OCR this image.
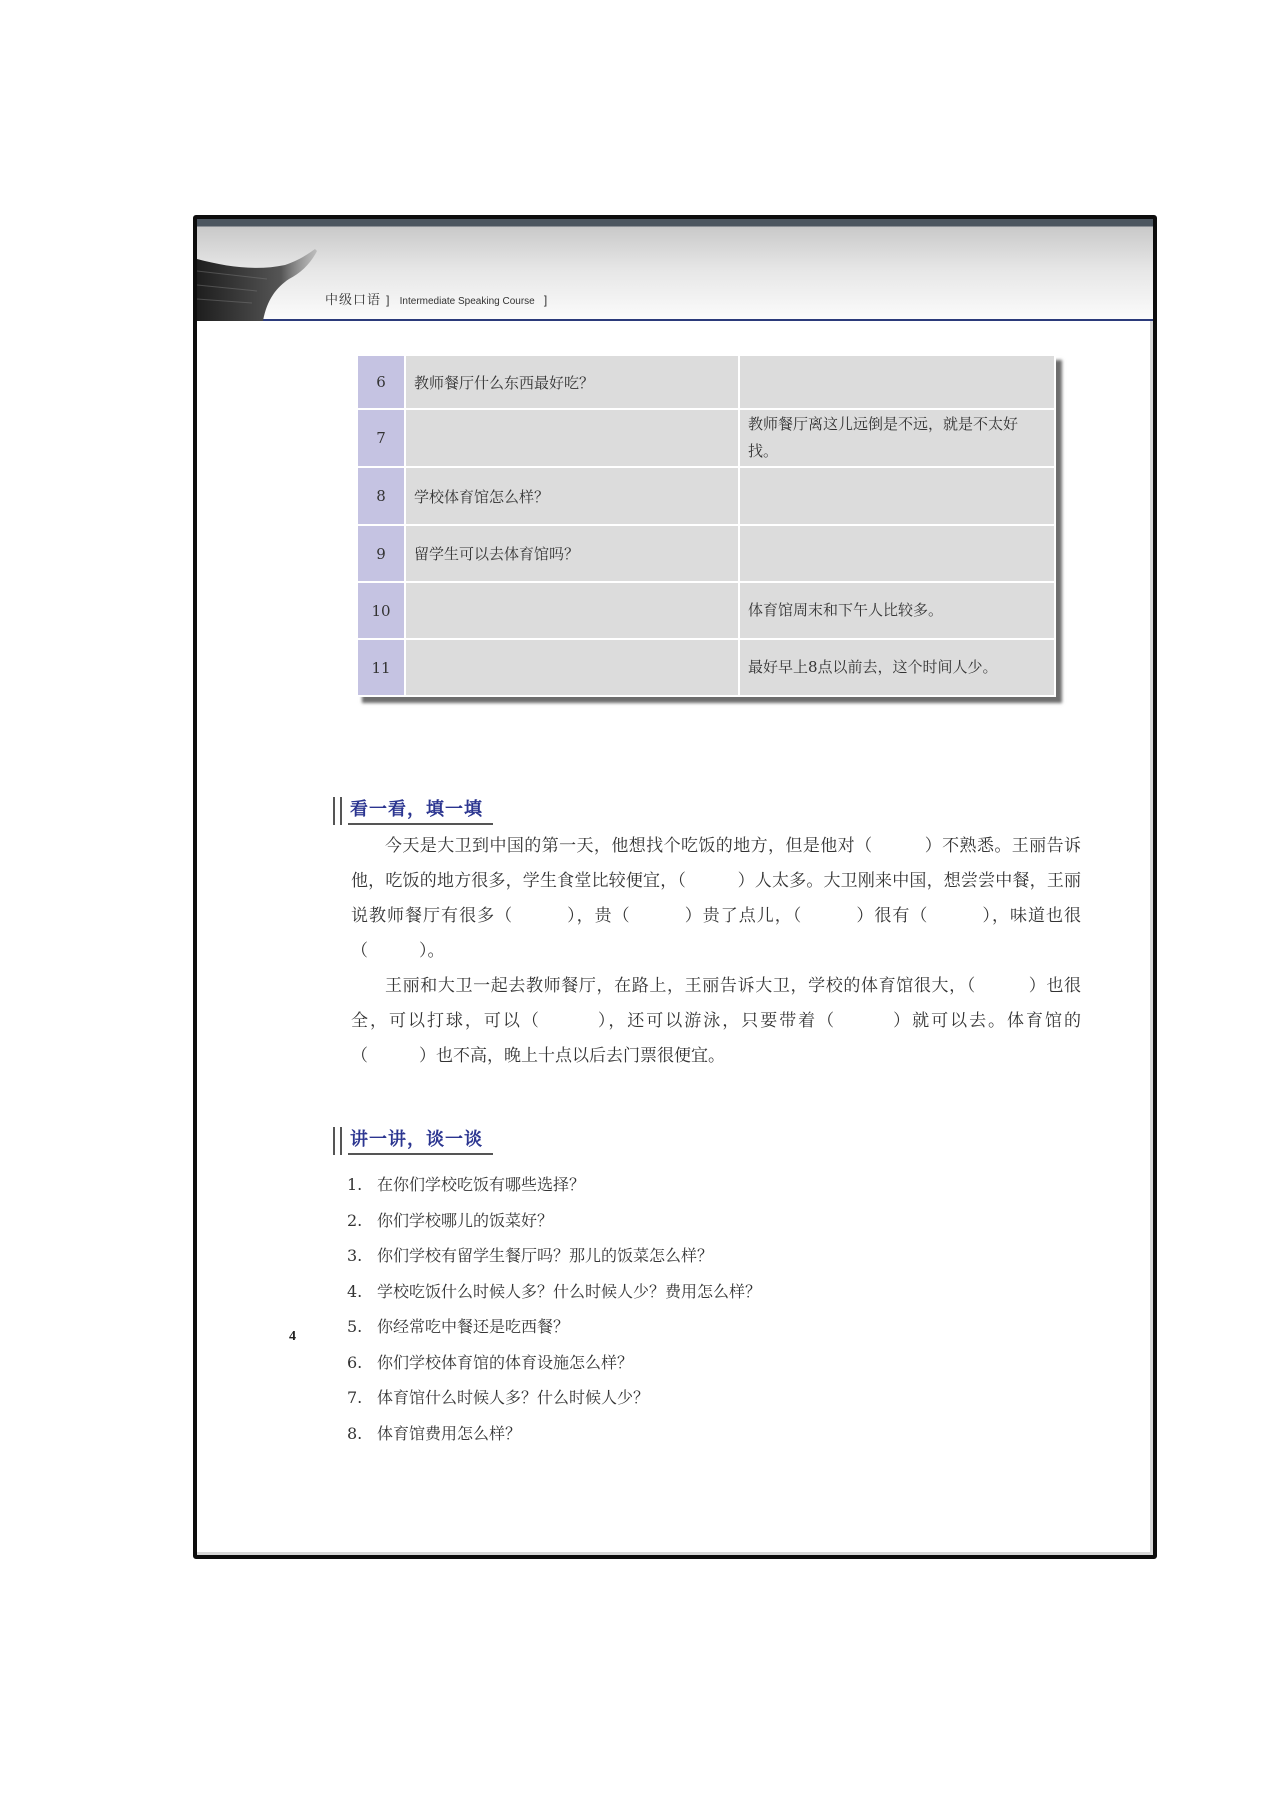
中级口语 ] Intermediate Speaking Course ]
6	教师餐厅什么东西最好吃？	
7		教师餐厅离这儿远倒是不远，就是不太好找。
8	学校体育馆怎么样？	
9	留学生可以去体育馆吗？	
10		体育馆周末和下午人比较多。
11		最好早上8点以前去，这个时间人少。
看一看，填一填

今天是大卫到中国的第一天，他想找个吃饭的地方，但是他对（　　　）不熟悉。王丽告诉他，吃饭的地方很多，学生食堂比较便宜，（　　　）人太多。大卫刚来中国，想尝尝中餐，王丽说教师餐厅有很多（　　　），贵（　　　）贵了点儿，（　　　）很有（　　　），味道也很（　　　）。

王丽和大卫一起去教师餐厅，在路上，王丽告诉大卫，学校的体育馆很大，（　　　）也很全，可以打球，可以（　　　），还可以游泳，只要带着（　　　）就可以去。体育馆的（　　　）也不高，晚上十点以后去门票很便宜。

讲一讲，谈一谈
1. 在你们学校吃饭有哪些选择？
2. 你们学校哪儿的饭菜好？
3. 你们学校有留学生餐厅吗？那儿的饭菜怎么样？
4. 学校吃饭什么时候人多？什么时候人少？费用怎么样？
5. 你经常吃中餐还是吃西餐？
6. 你们学校体育馆的体育设施怎么样？
7. 体育馆什么时候人多？什么时候人少？
8. 体育馆费用怎么样？
4
